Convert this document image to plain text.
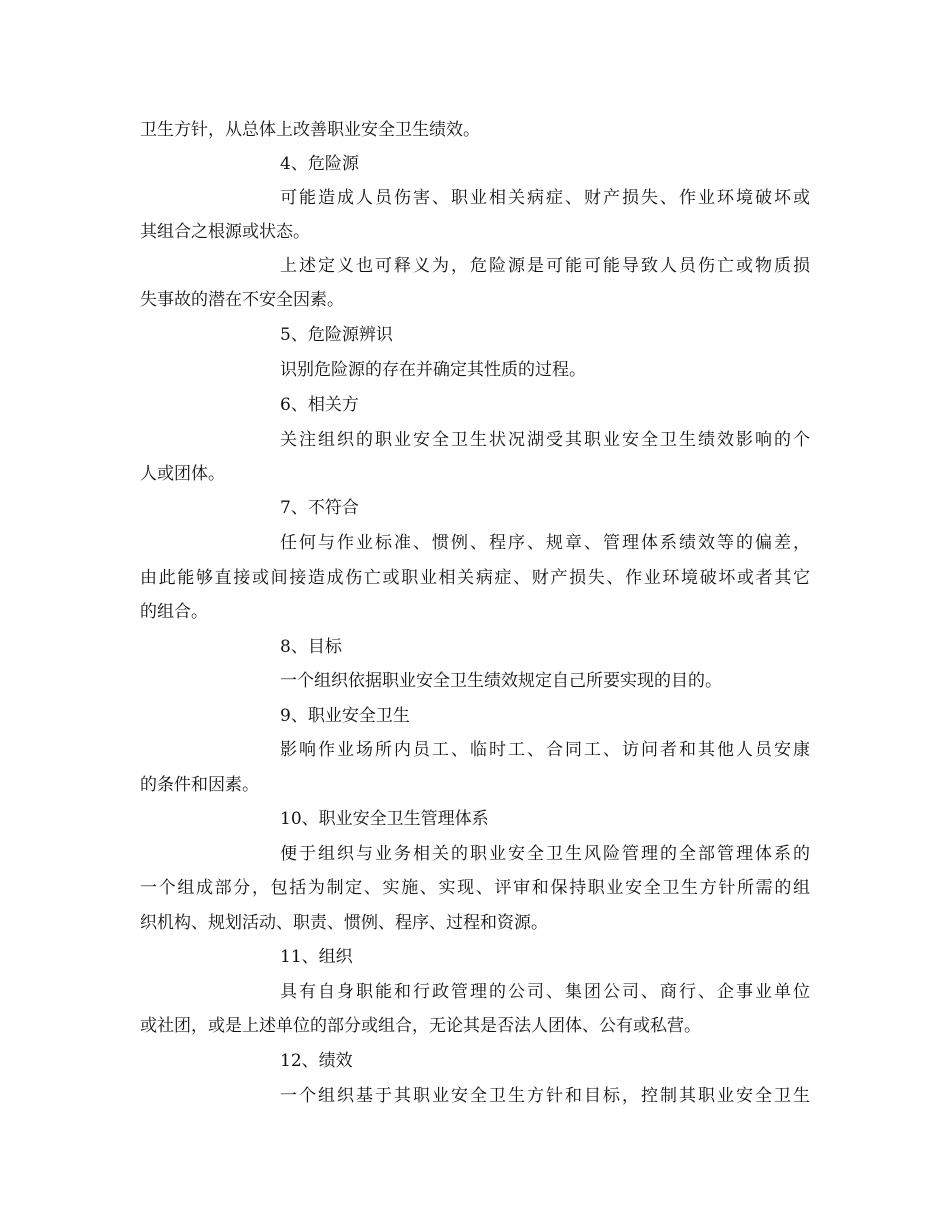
卫生方针，从总体上改善职业安全卫生绩效。
4、危险源
可能造成人员伤害、职业相关病症、财产损失、作业环境破坏或
其组合之根源或状态。
上述定义也可释义为，危险源是可能可能导致人员伤亡或物质损
失事故的潜在不安全因素。
5、危险源辨识
识别危险源的存在并确定其性质的过程。
6、相关方
关注组织的职业安全卫生状况湖受其职业安全卫生绩效影响的个
人或团体。
7、不符合
任何与作业标准、惯例、程序、规章、管理体系绩效等的偏差，
由此能够直接或间接造成伤亡或职业相关病症、财产损失、作业环境破坏或者其它
的组合。
8、目标
一个组织依据职业安全卫生绩效规定自己所要实现的目的。
9、职业安全卫生
影响作业场所内员工、临时工、合同工、访问者和其他人员安康
的条件和因素。
10、职业安全卫生管理体系
便于组织与业务相关的职业安全卫生风险管理的全部管理体系的
一个组成部分，包括为制定、实施、实现、评审和保持职业安全卫生方针所需的组
织机构、规划活动、职责、惯例、程序、过程和资源。
11、组织
具有自身职能和行政管理的公司、集团公司、商行、企事业单位
或社团，或是上述单位的部分或组合，无论其是否法人团体、公有或私营。
12、绩效
一个组织基于其职业安全卫生方针和目标，控制其职业安全卫生
